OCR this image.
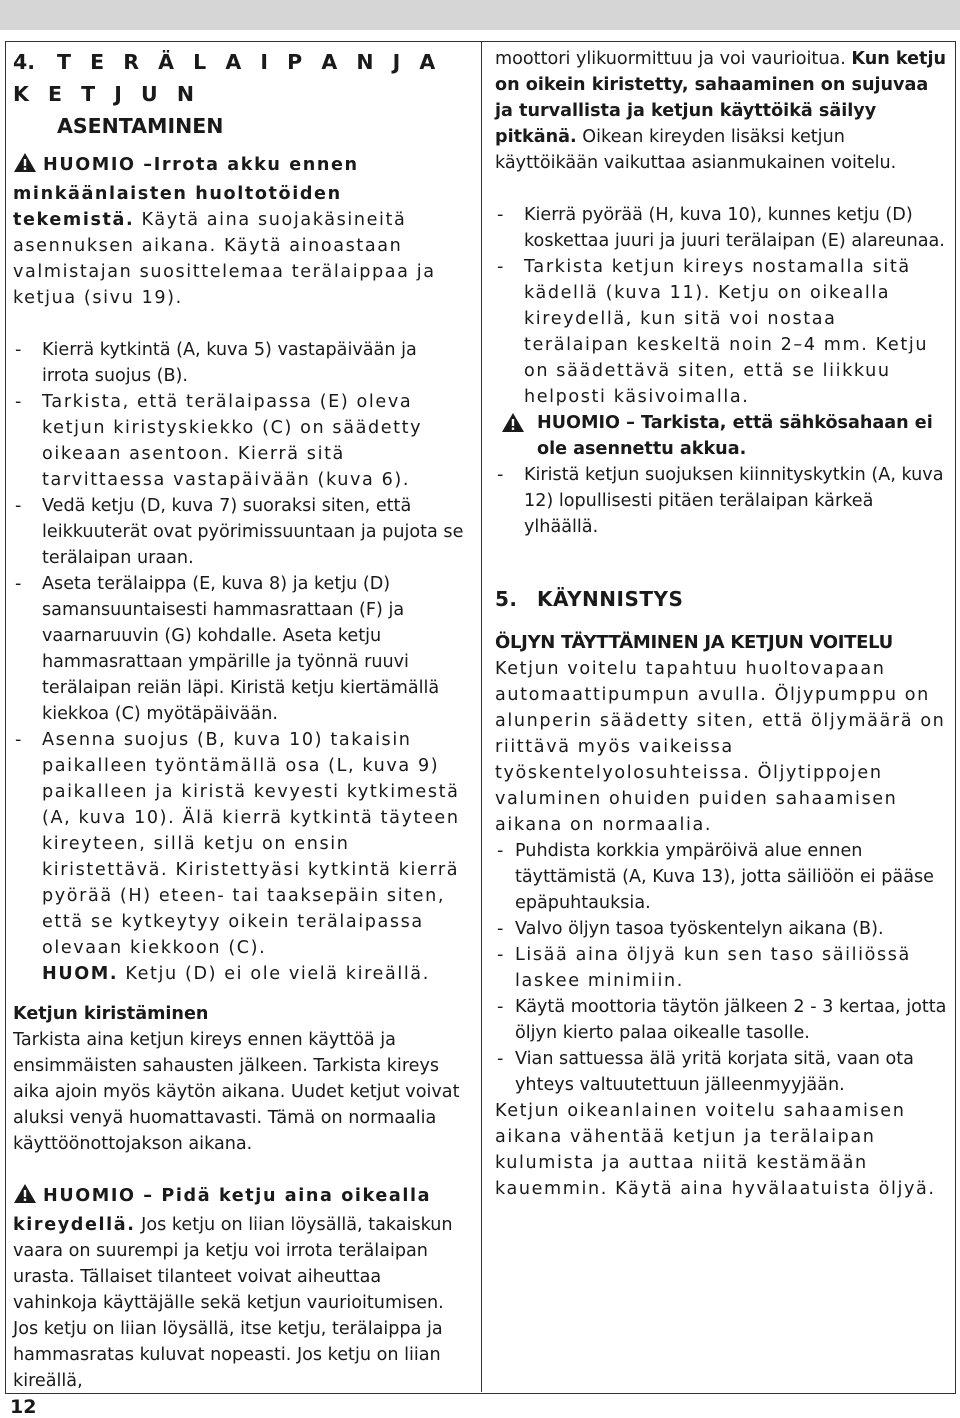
4. T E R Ä L A I P A N J A K E T J U N
ASENTAMINEN

HUOMIO –Irrota akku ennen minkäänlaisten huoltotöiden tekemistä. Käytä aina suojakäsineitä asennuksen aikana. Käytä ainoastaan valmistajan suosittelemaa terälaippaa ja ketjua (sivu 19).

- Kierrä kytkintä (A, kuva 5) vastapäivään ja irrota suojus (B).
- Tarkista, että terälaipassa (E) oleva ketjun kiristyskiekko (C) on säädetty oikeaan asentoon. Kierrä sitä tarvittaessa vastapäivään (kuva 6).
- Vedä ketju (D, kuva 7) suoraksi siten, että leikkuuterät ovat pyörimissuuntaan ja pujota se terälaipan uraan.
- Aseta terälaippa (E, kuva 8) ja ketju (D) samansuuntaisesti hammasrattaan (F) ja vaarnaruuvin (G) kohdalle. Aseta ketju hammasrattaan ympärille ja työnnä ruuvi terälaipan reiän läpi. Kiristä ketju kiertämällä kiekkoa (C) myötäpäivään.
- Asenna suojus (B, kuva 10) takaisin paikalleen työntämällä osa (L, kuva 9) paikalleen ja kiristä kevyesti kytkimestä (A, kuva 10). Älä kierrä kytkintä täyteen kireyteen, sillä ketju on ensin kiristettävä. Kiristettyäsi kytkintä kierrä pyörää (H) eteen- tai taaksepäin siten, että se kytkeytyy oikein terälaipassa olevaan kiekkoon (C).
HUOM. Ketju (D) ei ole vielä kireällä.

Ketjun kiristäminen

Tarkista aina ketjun kireys ennen käyttöä ja ensimmäisten sahausten jälkeen. Tarkista kireys aika ajoin myös käytön aikana. Uudet ketjut voivat aluksi venyä huomattavasti. Tämä on normaalia käyttöönottojakson aikana.

HUOMIO – Pidä ketju aina oikealla kireydellä. Jos ketju on liian löysällä, takaiskun vaara on suurempi ja ketju voi irrota terälaipan urasta. Tällaiset tilanteet voivat aiheuttaa vahinkoja käyttäjälle sekä ketjun vaurioitumisen. Jos ketju on liian löysällä, itse ketju, terälaippa ja hammasratas kuluvat nopeasti. Jos ketju on liian kireällä,

moottori ylikuormittuu ja voi vaurioitua. Kun ketju on oikein kiristetty, sahaaminen on sujuvaa ja turvallista ja ketjun käyttöikä säilyy pitkänä. Oikean kireyden lisäksi ketjun käyttöikään vaikuttaa asianmukainen voitelu.

- Kierrä pyörää (H, kuva 10), kunnes ketju (D) koskettaa juuri ja juuri terälaipan (E) alareunaa.
- Tarkista ketjun kireys nostamalla sitä kädellä (kuva 11). Ketju on oikealla kireydellä, kun sitä voi nostaa terälaipan keskeltä noin 2–4 mm. Ketju on säädettävä siten, että se liikkuu helposti käsivoimalla.

HUOMIO – Tarkista, että sähkösahaan ei ole asennettu akkua.

- Kiristä ketjun suojuksen kiinnityskytkin (A, kuva 12) lopullisesti pitäen terälaipan kärkeä ylhäällä.

5. KÄYNNISTYS

ÖLJYN TÄYTTÄMINEN JA KETJUN VOITELU

Ketjun voitelu tapahtuu huoltovapaan automaattipumpun avulla. Öljypumppu on alunperin säädetty siten, että öljymäärä on riittävä myös vaikeissa työskentelyolosuhteissa. Öljytippojen valuminen ohuiden puiden sahaamisen aikana on normaalia.

- Puhdista korkkia ympäröivä alue ennen täyttämistä (A, Kuva 13), jotta säiliöön ei pääse epäpuhtauksia.
- Valvo öljyn tasoa työskentelyn aikana (B).
- Lisää aina öljyä kun sen taso säiliössä laskee minimiin.
- Käytä moottoria täytön jälkeen 2 - 3 kertaa, jotta öljyn kierto palaa oikealle tasolle.
- Vian sattuessa älä yritä korjata sitä, vaan ota yhteys valtuutettuun jälleenmyyjään.

Ketjun oikeanlainen voitelu sahaamisen aikana vähentää ketjun ja terälaipan kulumista ja auttaa niitä kestämään kauemmin. Käytä aina hyvälaatuista öljyä.

12
